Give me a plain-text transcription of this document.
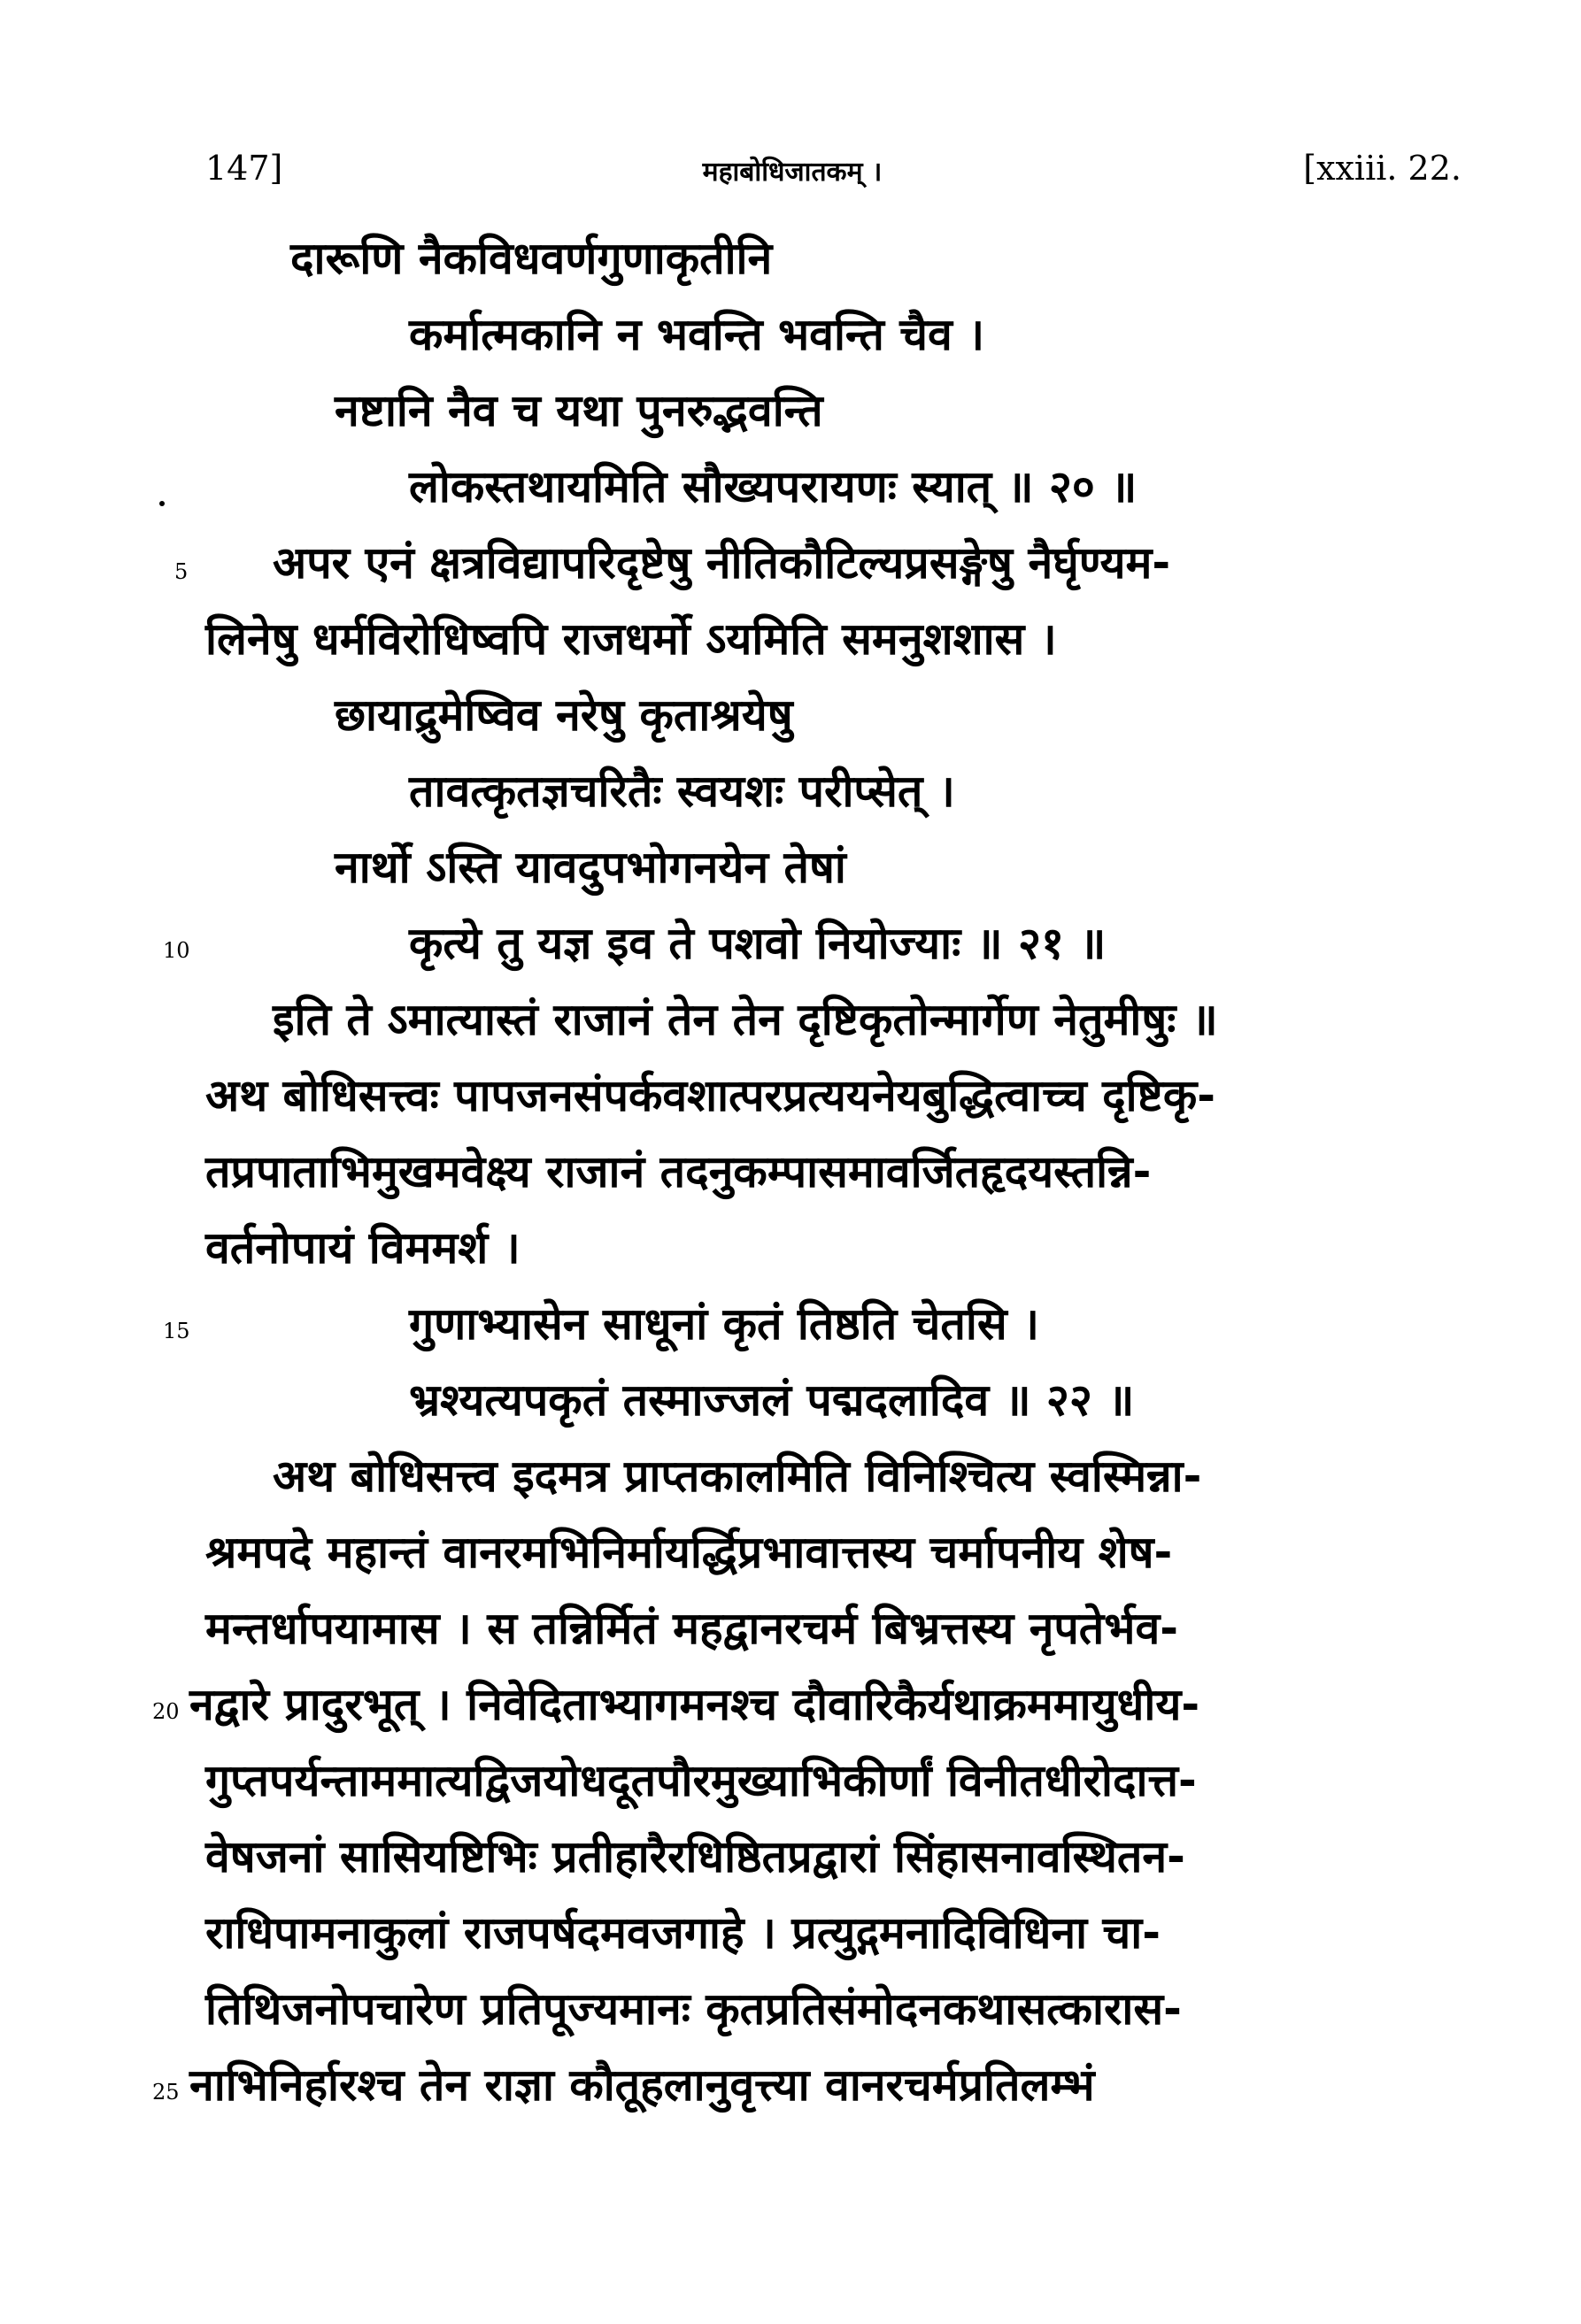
147]	महाबोधिजातकम् ।	[xxiii. 22.
दारूणि नैकविधवर्णगुणाकृतीनि
कर्मात्मकानि न भवन्ति भवन्ति चैव ।
नष्टानि नैव च यथा पुनरुद्भवन्ति
लोकस्तथायमिति सौख्यपरायणः स्यात् ॥ २० ॥
5 अपर एनं क्षत्रविद्यापरिदृष्टेषु नीतिकौटिल्यप्रसङ्गेषु नैर्घृण्यम-
लिनेषु धर्मविरोधिष्वपि राजधर्मो ऽयमिति समनुशशास ।
छायाद्रुमेष्विव नरेषु कृताश्रयेषु
तावत्कृतज्ञचरितैः स्वयशः परीप्सेत् ।
नार्थो ऽस्ति यावदुपभोगनयेन तेषां
10	कृत्ये तु यज्ञ इव ते पशवो नियोज्याः ॥ २१ ॥
इति ते ऽमात्यास्तं राजानं तेन तेन दृष्टिकृतोन्मार्गेण नेतुमीषुः ॥
अथ बोधिसत्त्वः पापजनसंपर्कवशात्परप्रत्ययनेयबुद्धित्वाच्च दृष्टिकृ-
तप्रपाताभिमुखमवेक्ष्य राजानं तदनुकम्पासमावर्जितहृदयस्तन्नि-
वर्तनोपायं विममर्श ।
15	गुणाभ्यासेन साधूनां कृतं तिष्ठति चेतसि ।
भ्रश्यत्यपकृतं तस्माज्जलं पद्मदलादिव ॥ २२ ॥
अथ बोधिसत्त्व इदमत्र प्राप्तकालमिति विनिश्चित्य स्वस्मिन्ना-
श्रमपदे महान्तं वानरमभिनिर्मायर्द्धिप्रभावात्तस्य चर्मापनीय शेष-
मन्तर्धापयामास । स तन्निर्मितं महद्वानरचर्म बिभ्रत्तस्य नृपतेर्भव-
20 नद्वारे प्रादुरभूत् । निवेदिताभ्यागमनश्च दौवारिकैर्यथाक्रममायुधीय-
गुप्तपर्यन्ताममात्यद्विजयोधदूतपौरमुख्याभिकीर्णां विनीतधीरोदात्त-
वेषजनां सासियष्टिभिः प्रतीहारैरधिष्ठितप्रद्वारां सिंहासनावस्थितन-
राधिपामनाकुलां राजपर्षदमवजगाहे । प्रत्युद्गमनादिविधिना चा-
तिथिजनोपचारेण प्रतिपूज्यमानः कृतप्रतिसंमोदनकथासत्कारास-
25 नाभिनिर्हारश्च तेन राज्ञा कौतूहलानुवृत्त्या वानरचर्मप्रतिलम्भं
